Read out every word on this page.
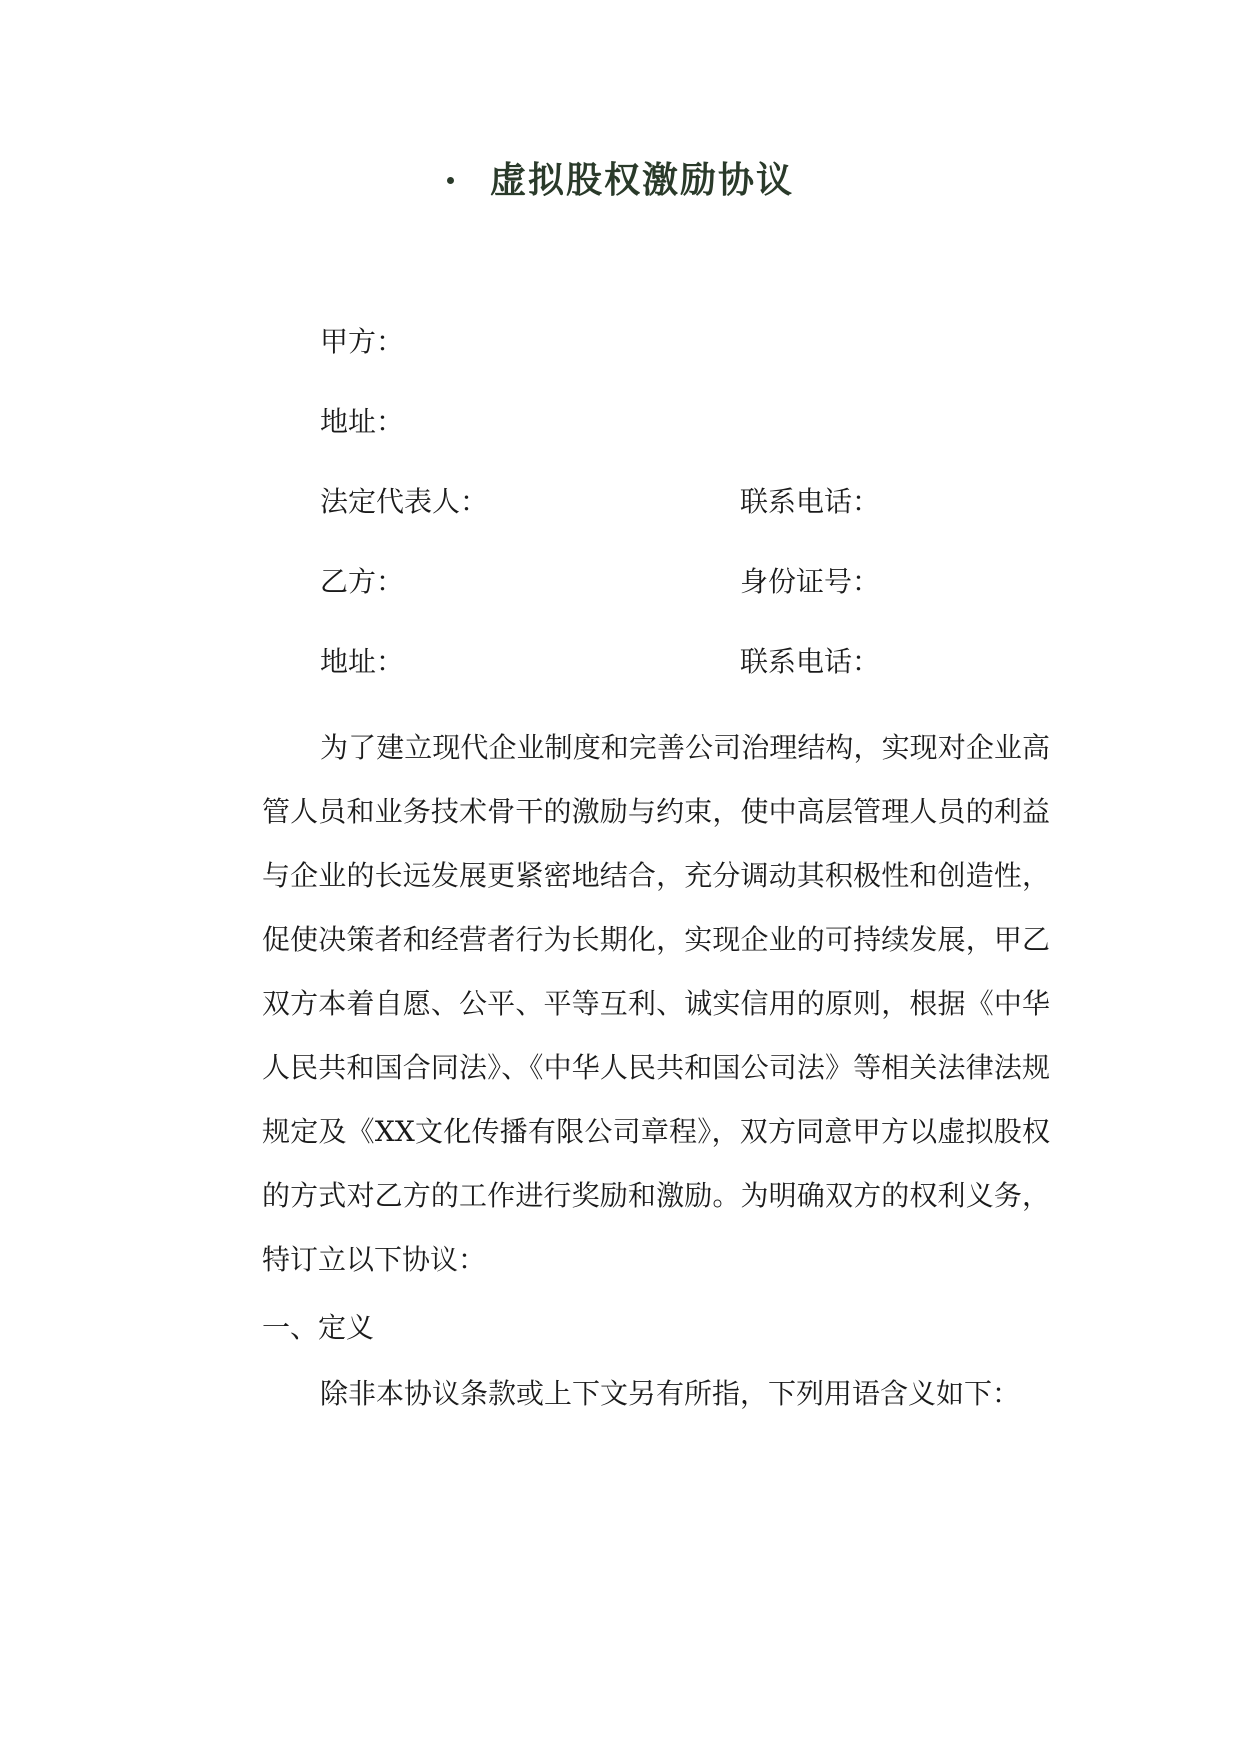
虚拟股权激励协议
甲方：
地址：
法定代表人：	联系电话：
乙方：	身份证号：
地址：	联系电话：

为了建立现代企业制度和完善公司治理结构，实现对企业高管人员和业务技术骨干的激励与约束，使中高层管理人员的利益与企业的长远发展更紧密地结合，充分调动其积极性和创造性，促使决策者和经营者行为长期化，实现企业的可持续发展，甲乙双方本着自愿、公平、平等互利、诚实信用的原则，根据《中华人民共和国合同法》、《中华人民共和国公司法》等相关法律法规规定及《XX文化传播有限公司章程》，双方同意甲方以虚拟股权的方式对乙方的工作进行奖励和激励。为明确双方的权利义务，特订立以下协议：

一、定义
除非本协议条款或上下文另有所指，下列用语含义如下：
